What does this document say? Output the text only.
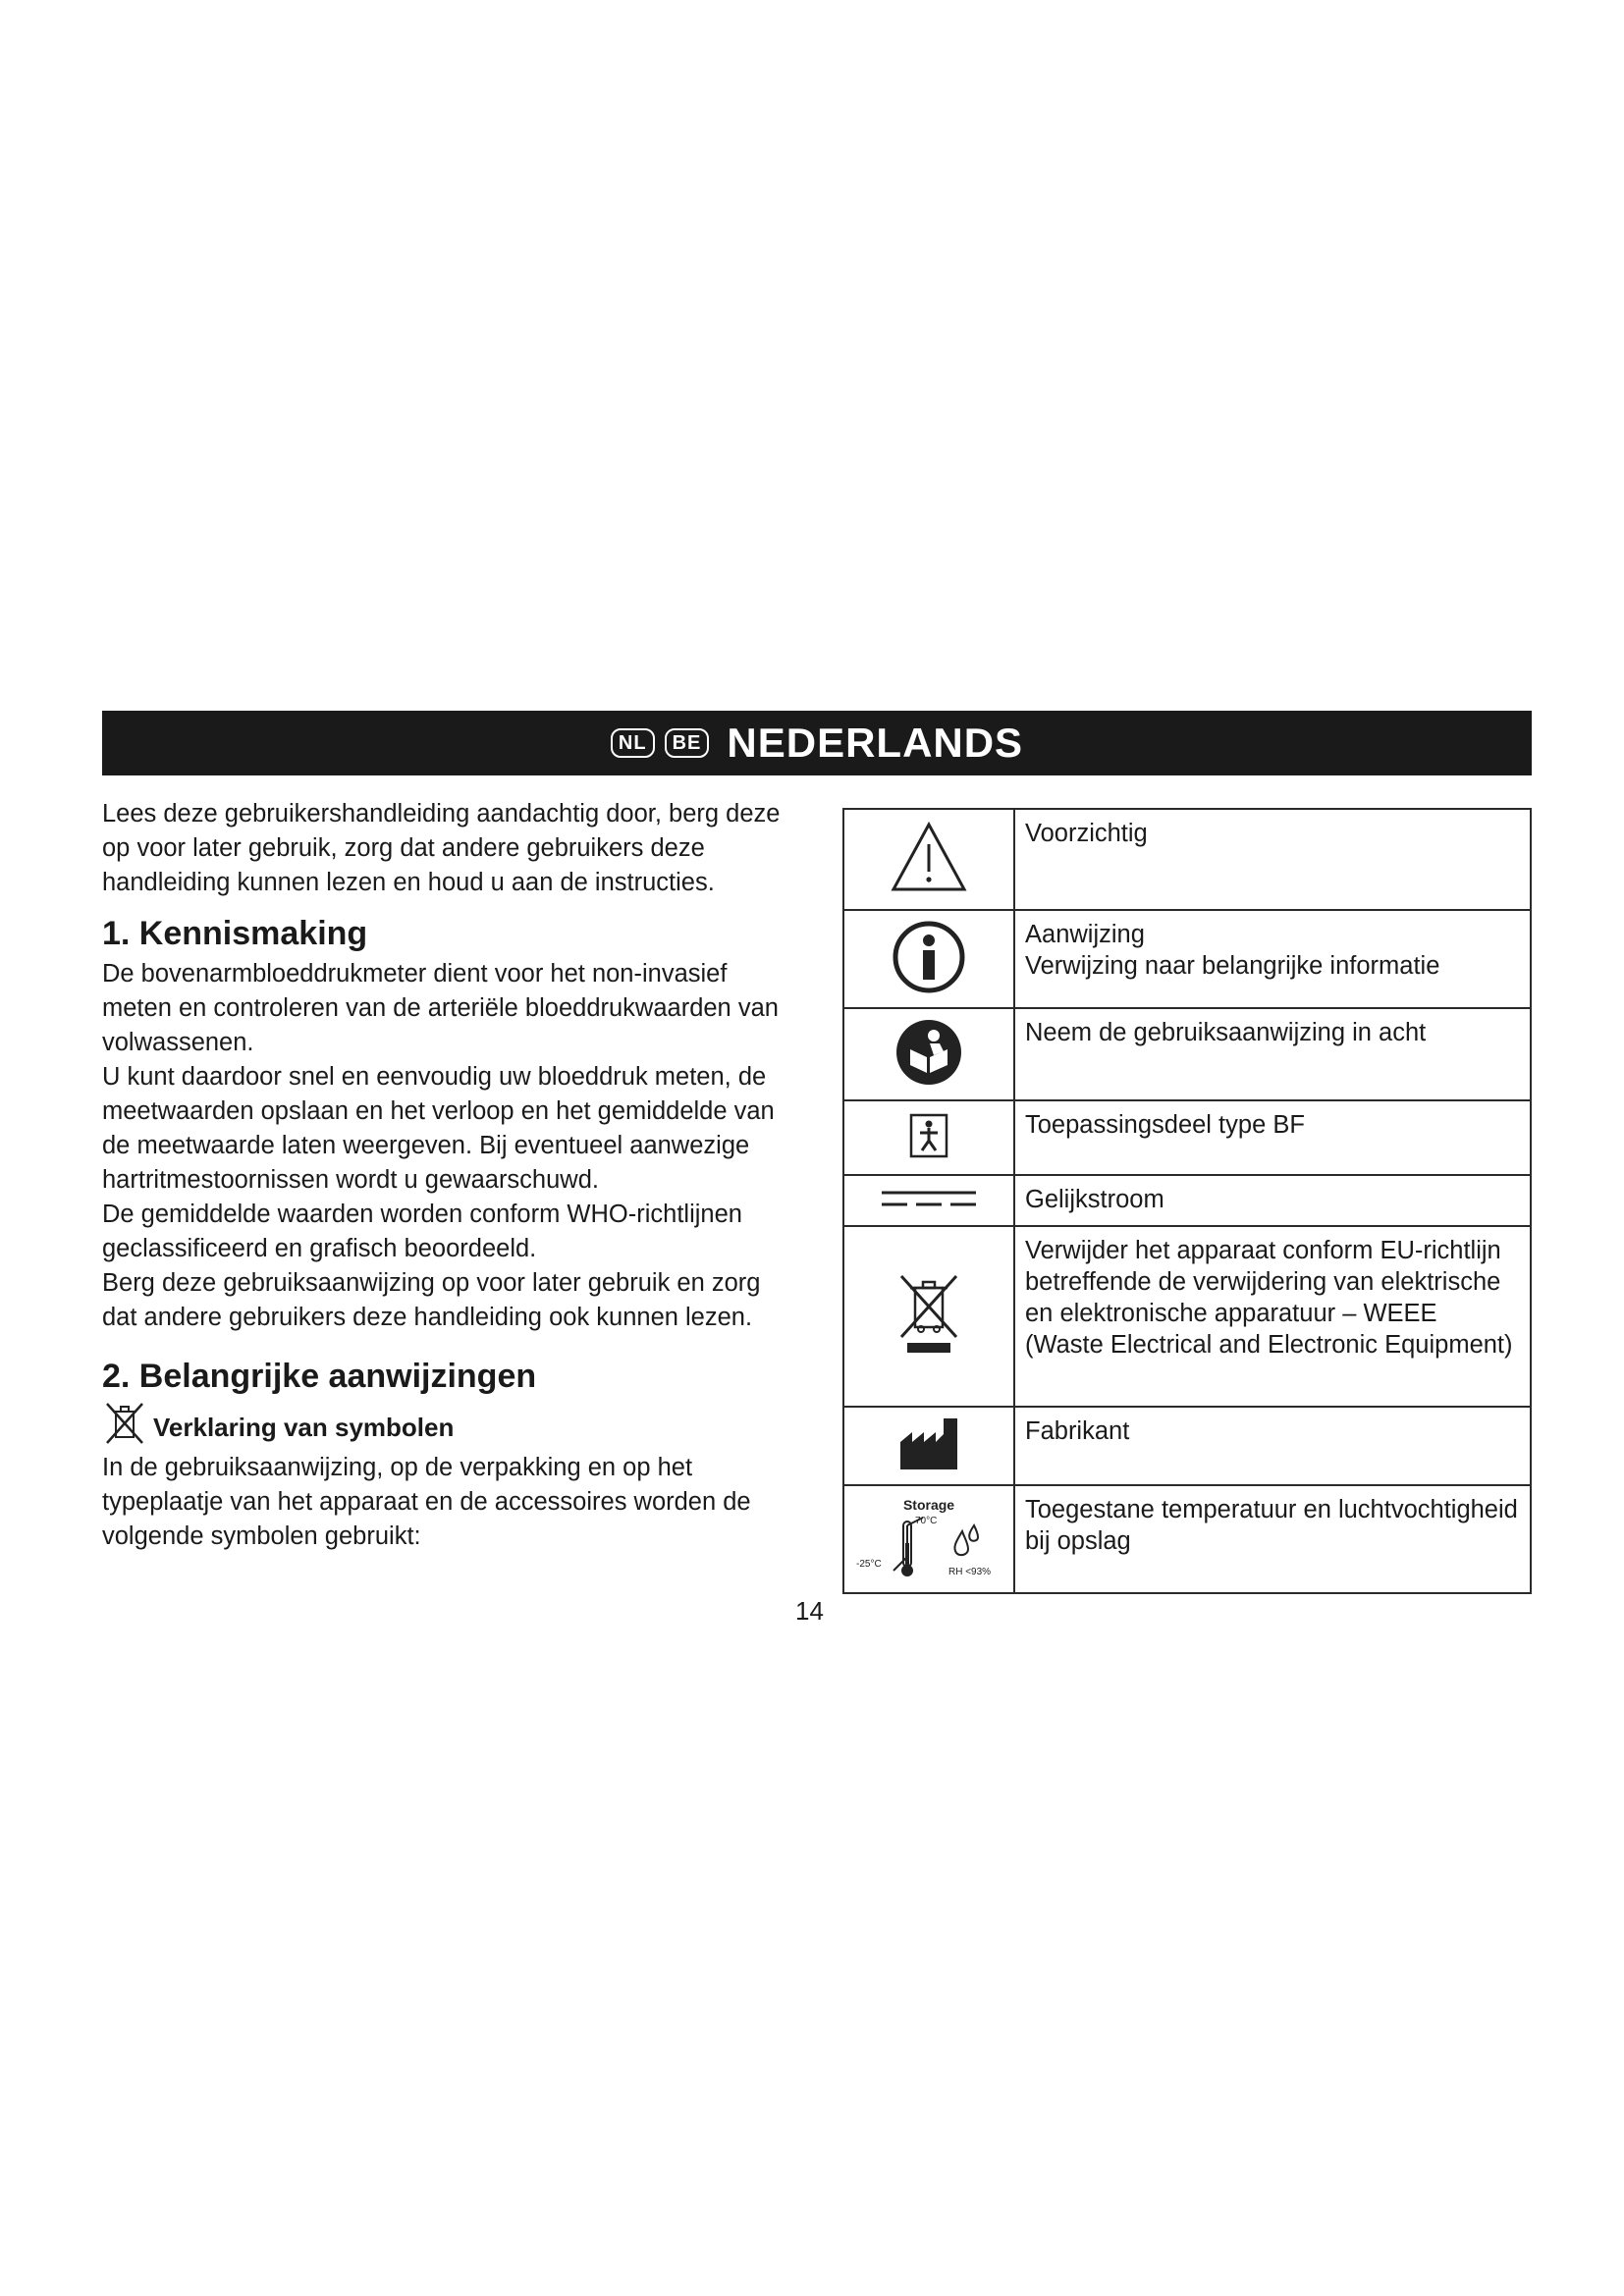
NL	BE NEDERLANDS

Lees deze gebruikershandleiding aandachtig door, berg deze op voor later gebruik, zorg dat andere gebruikers deze handleiding kunnen lezen en houd u aan de instructies.

1. Kennismaking

De bovenarmbloeddrukmeter dient voor het non-invasief meten en controleren van de arteriële bloeddrukwaarden van volwassenen.

U kunt daardoor snel en eenvoudig uw bloeddruk meten, de meetwaarden opslaan en het verloop en het gemiddelde van de meetwaarde laten weergeven. Bij eventueel aanwezige hartritmestoornissen wordt u gewaarschuwd.

De gemiddelde waarden worden conform WHO-richtlijnen geclassificeerd en grafisch beoordeeld.

Berg deze gebruiksaanwijzing op voor later gebruik en zorg dat andere gebruikers deze handleiding ook kunnen lezen.

2. Belangrijke aanwijzingen
Verklaring van symbolen

In de gebruiksaanwijzing, op de verpakking en op het typeplaatje van het apparaat en de accessoires worden de volgende symbolen gebruikt:

Voorzichtig

Aanwijzing
Verwijzing naar belangrijke informatie

Neem de gebruiksaanwijzing in acht

Toepassingsdeel type BF

Gelijkstroom

Verwijder het apparaat conform EU-richtlijn betreffende de verwijdering van elektrische en elektronische apparatuur – WEEE (Waste Electrical and Electronic Equipment)

Fabrikant

Storage
70°C
-25°C
RH <93%	Toegestane temperatuur en luchtvochtigheid bij opslag
14
